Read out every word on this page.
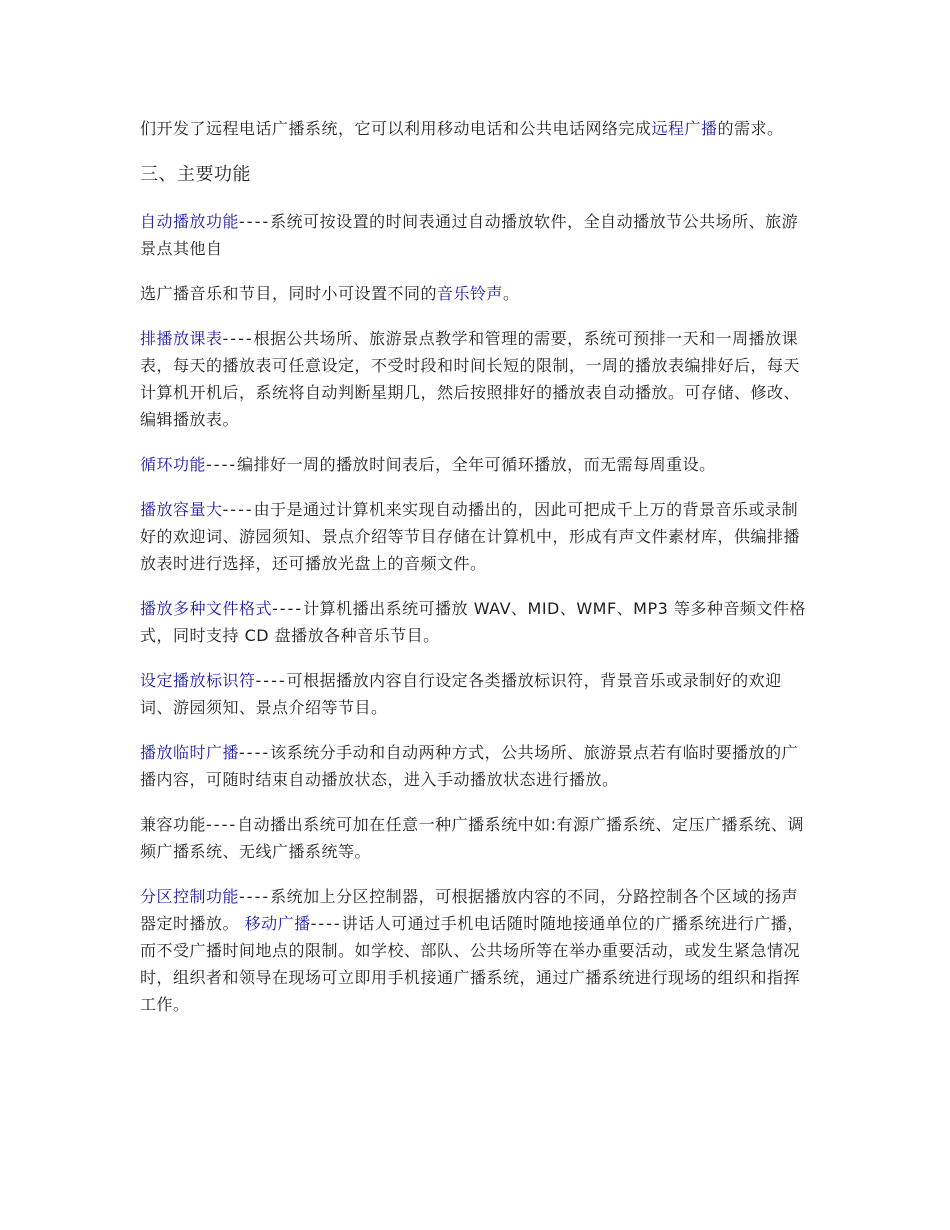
们开发了远程电话广播系统，它可以利用移动电话和公共电话网络完成远程广播的需求。

三、主要功能

自动播放功能----系统可按设置的时间表通过自动播放软件，全自动播放节公共场所、旅游景点其他自

选广播音乐和节目，同时小可设置不同的音乐铃声。

排播放课表----根据公共场所、旅游景点教学和管理的需要，系统可预排一天和一周播放课表，每天的播放表可任意设定，不受时段和时间长短的限制，一周的播放表编排好后，每天计算机开机后，系统将自动判断星期几，然后按照排好的播放表自动播放。可存储、修改、编辑播放表。

循环功能----编排好一周的播放时间表后，全年可循环播放，而无需每周重设。

播放容量大----由于是通过计算机来实现自动播出的，因此可把成千上万的背景音乐或录制好的欢迎词、游园须知、景点介绍等节目存储在计算机中，形成有声文件素材库，供编排播放表时进行选择，还可播放光盘上的音频文件。

播放多种文件格式----计算机播出系统可播放 WAV、MID、WMF、MP3 等多种音频文件格式，同时支持 CD 盘播放各种音乐节目。

设定播放标识符----可根据播放内容自行设定各类播放标识符，背景音乐或录制好的欢迎词、游园须知、景点介绍等节目。

播放临时广播----该系统分手动和自动两种方式，公共场所、旅游景点若有临时要播放的广播内容，可随时结束自动播放状态，进入手动播放状态进行播放。

兼容功能----自动播出系统可加在任意一种广播系统中如:有源广播系统、定压广播系统、调频广播系统、无线广播系统等。

分区控制功能----系统加上分区控制器，可根据播放内容的不同，分路控制各个区域的扬声器定时播放。 移动广播----讲话人可通过手机电话随时随地接通单位的广播系统进行广播，而不受广播时间地点的限制。如学校、部队、公共场所等在举办重要活动，或发生紧急情况时，组织者和领导在现场可立即用手机接通广播系统，通过广播系统进行现场的组织和指挥工作。
